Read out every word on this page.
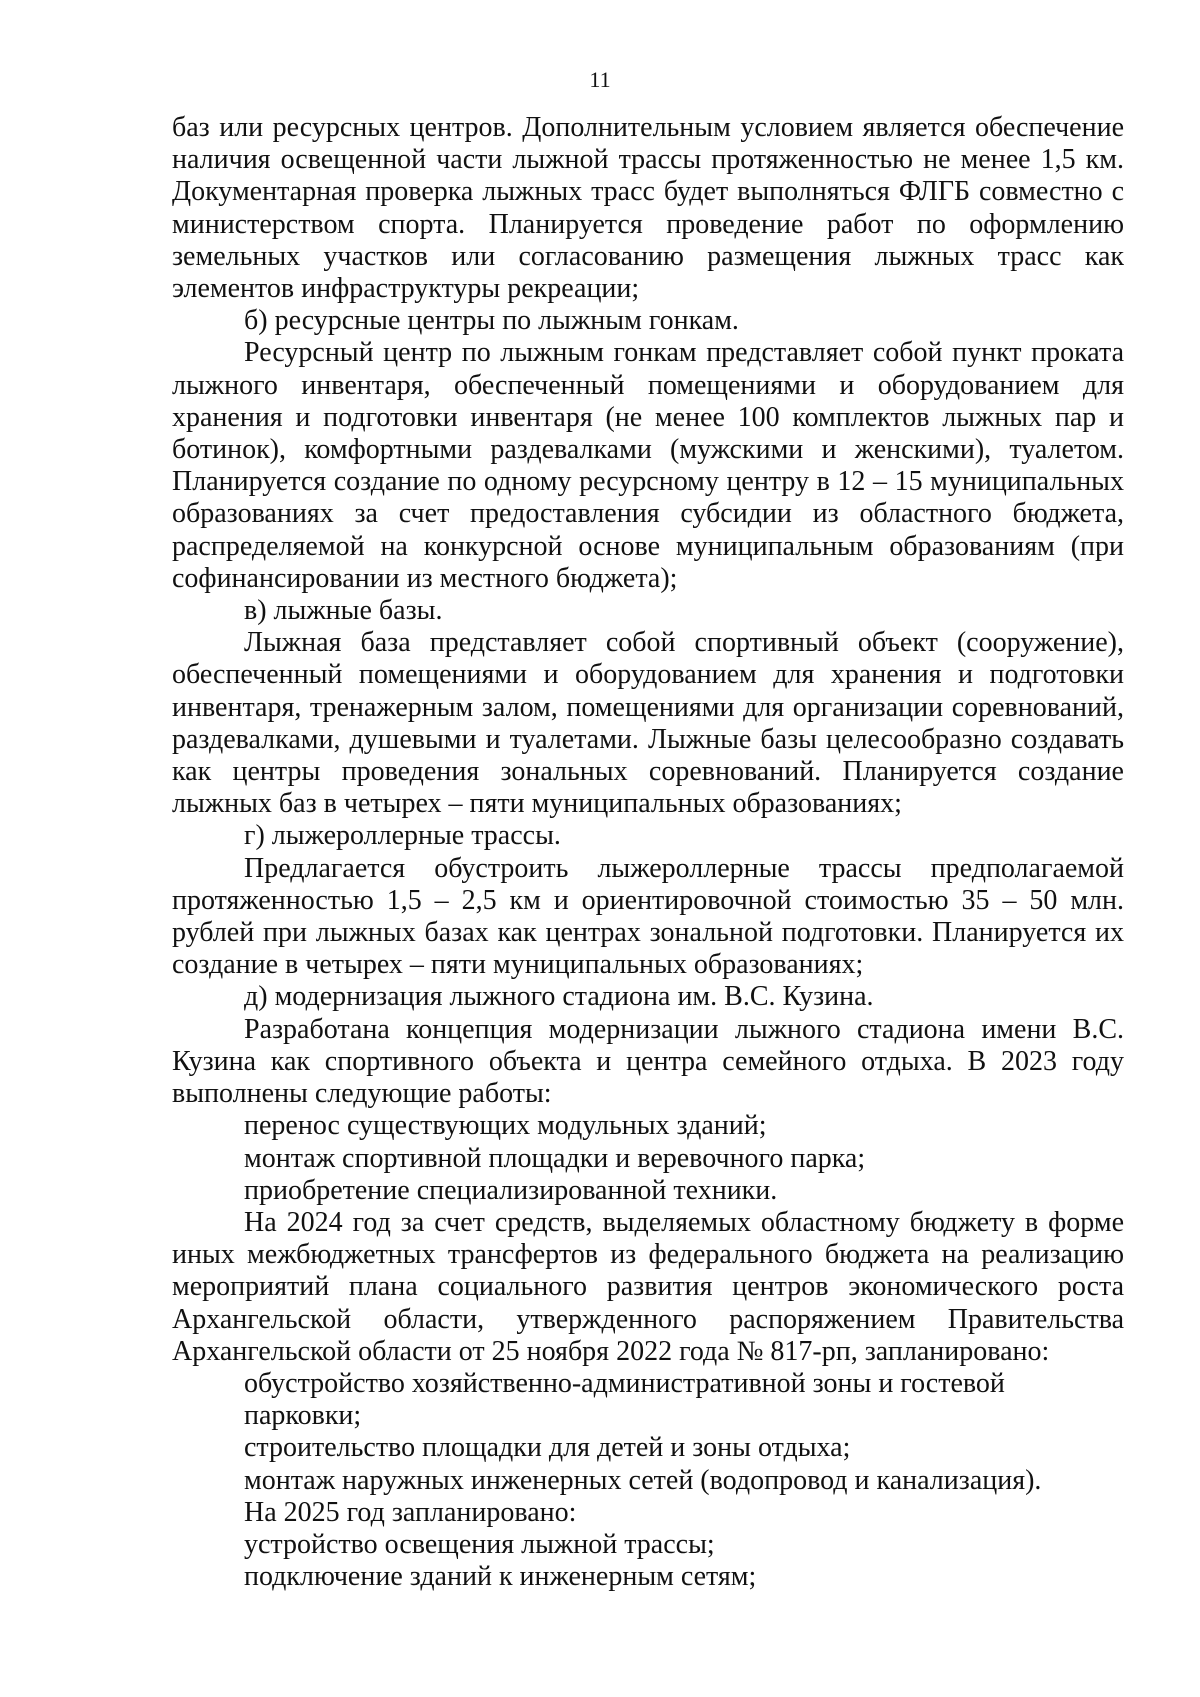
11

баз или ресурсных центров. Дополнительным условием является обеспечение наличия освещенной части лыжной трассы протяженностью не менее 1,5 км. Документарная проверка лыжных трасс будет выполняться ФЛГБ совместно с министерством спорта. Планируется проведение работ по оформлению земельных участков или согласованию размещения лыжных трасс как элементов инфраструктуры рекреации;

б) ресурсные центры по лыжным гонкам.

Ресурсный центр по лыжным гонкам представляет собой пункт проката лыжного инвентаря, обеспеченный помещениями и оборудованием для хранения и подготовки инвентаря (не менее 100 комплектов лыжных пар и ботинок), комфортными раздевалками (мужскими и женскими), туалетом. Планируется создание по одному ресурсному центру в 12 – 15 муниципальных образованиях за счет предоставления субсидии из областного бюджета, распределяемой на конкурсной основе муниципальным образованиям (при софинансировании из местного бюджета);

в) лыжные базы.

Лыжная база представляет собой спортивный объект (сооружение), обеспеченный помещениями и оборудованием для хранения и подготовки инвентаря, тренажерным залом, помещениями для организации соревнований, раздевалками, душевыми и туалетами. Лыжные базы целесообразно создавать как центры проведения зональных соревнований. Планируется создание лыжных баз в четырех – пяти муниципальных образованиях;

г) лыжероллерные трассы.

Предлагается обустроить лыжероллерные трассы предполагаемой протяженностью 1,5 – 2,5 км и ориентировочной стоимостью 35 – 50 млн. рублей при лыжных базах как центрах зональной подготовки. Планируется их создание в четырех – пяти муниципальных образованиях;

д) модернизация лыжного стадиона им. В.С. Кузина.

Разработана концепция модернизации лыжного стадиона имени В.С. Кузина как спортивного объекта и центра семейного отдыха. В 2023 году выполнены следующие работы:

перенос существующих модульных зданий;

монтаж спортивной площадки и веревочного парка;

приобретение специализированной техники.

На 2024 год за счет средств, выделяемых областному бюджету в форме иных межбюджетных трансфертов из федерального бюджета на реализацию мероприятий плана социального развития центров экономического роста Архангельской области, утвержденного распоряжением Правительства Архангельской области от 25 ноября 2022 года № 817-рп, запланировано:

обустройство хозяйственно-административной зоны и гостевой парковки;

строительство площадки для детей и зоны отдыха;

монтаж наружных инженерных сетей (водопровод и канализация).

На 2025 год запланировано:

устройство освещения лыжной трассы;

подключение зданий к инженерным сетям;
